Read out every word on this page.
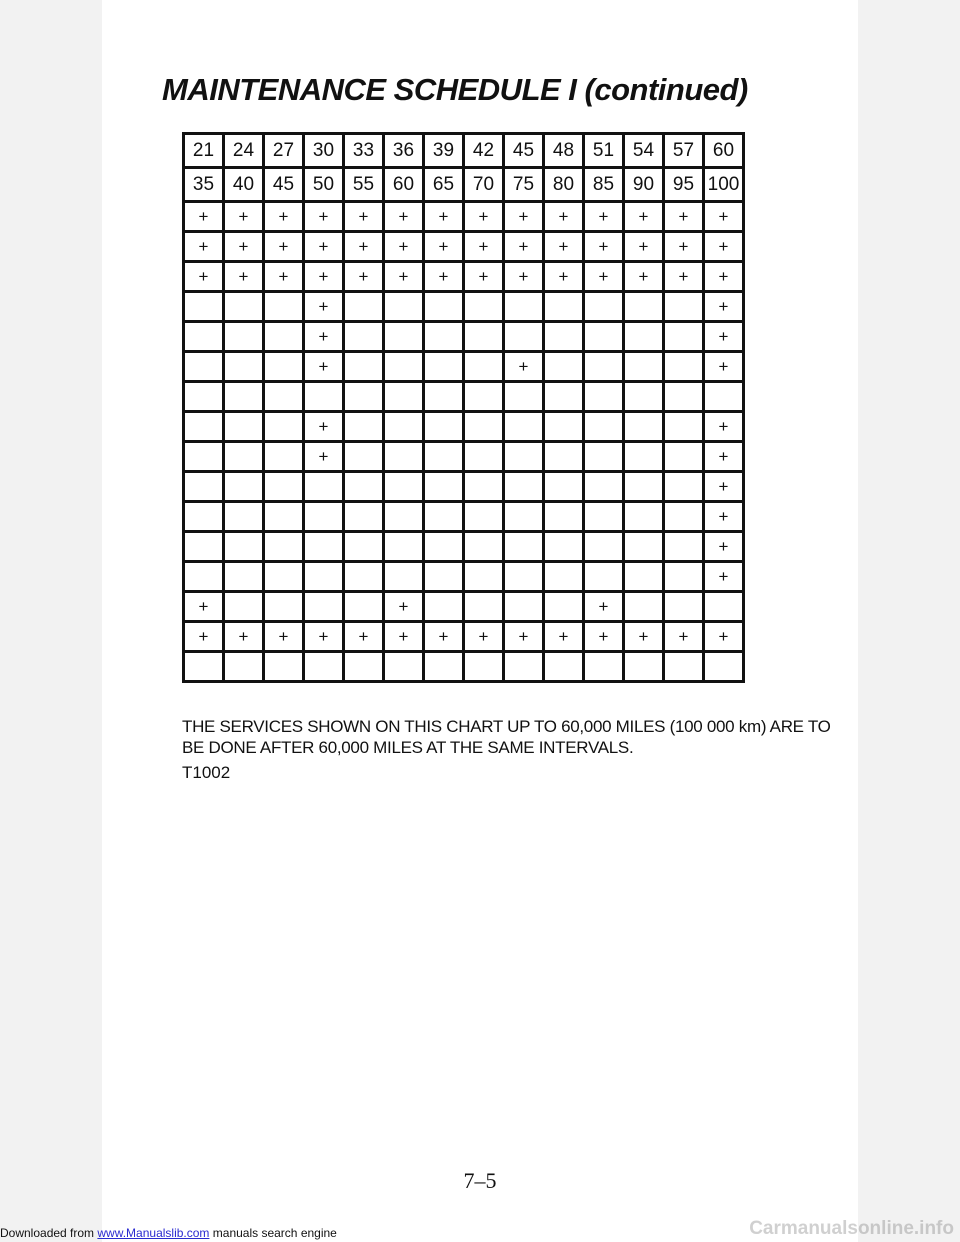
MAINTENANCE SCHEDULE I (continued)
21	24	27	30	33	36	39	42	45	48	51	54	57	60
35	40	45	50	55	60	65	70	75	80	85	90	95	100
+	+	+	+	+	+	+	+	+	+	+	+	+	+
+	+	+	+	+	+	+	+	+	+	+	+	+	+
+	+	+	+	+	+	+	+	+	+	+	+	+	+
			+										+
			+										+
			+					+					+

			+										+
			+										+
													+
													+
													+
													+
+					+					+			
+	+	+	+	+	+	+	+	+	+	+	+	+	+

THE SERVICES SHOWN ON THIS CHART UP TO 60,000 MILES (100 000 km) ARE TO BE DONE AFTER 60,000 MILES AT THE SAME INTERVALS.

T1002

7–5

Downloaded from www.Manualslib.com manuals search engine	Carmanualsonline.info
